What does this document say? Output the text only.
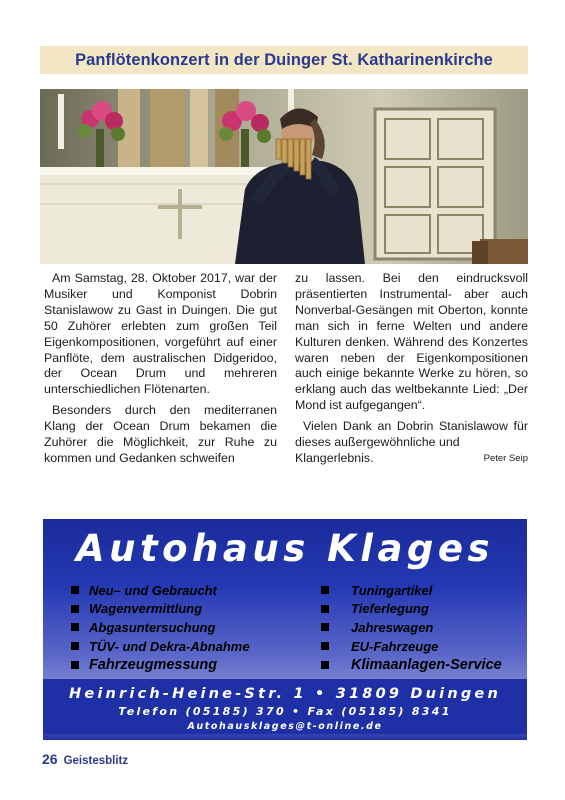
Panflötenkonzert in der Duinger St. Katharinenkirche

Am Samstag, 28. Oktober 2017, war der Musiker und Komponist Dobrin Stanislawow zu Gast in Duingen. Die gut 50 Zuhörer erlebten zum großen Teil Eigenkompositionen, vorgeführt auf einer Panflöte, dem australischen Didgeridoo, der Ocean Drum und mehreren unterschiedlichen Flötenarten.

Besonders durch den mediterranen Klang der Ocean Drum bekamen die Zuhörer die Möglichkeit, zur Ruhe zu kommen und Gedanken schweifen

zu lassen. Bei den eindrucksvoll präsentierten Instrumental- aber auch Nonverbal-Gesängen mit Oberton, konnte man sich in ferne Welten und andere Kulturen denken. Während des Konzertes waren neben der Eigenkompositionen auch einige bekannte Werke zu hören, so erklang auch das weltbekannte Lied: „Der Mond ist aufgegangen“.

Vielen Dank an Dobrin Stanislawow für dieses außergewöhnliche und

Klangerlebnis.	Peter Seip
Autohaus Klages
Neu– und Gebraucht
Wagenvermittlung
Abgasuntersuchung
TÜV- und Dekra-Abnahme
Fahrzeugmessung
Tuningartikel
Tieferlegung
Jahreswagen
EU-Fahrzeuge
Klimaanlagen-Service
Heinrich-Heine-Str. 1 • 31809 Duingen
Telefon (05185) 370 • Fax (05185) 8341
Autohausklages@t-online.de
26 Geistesblitz
